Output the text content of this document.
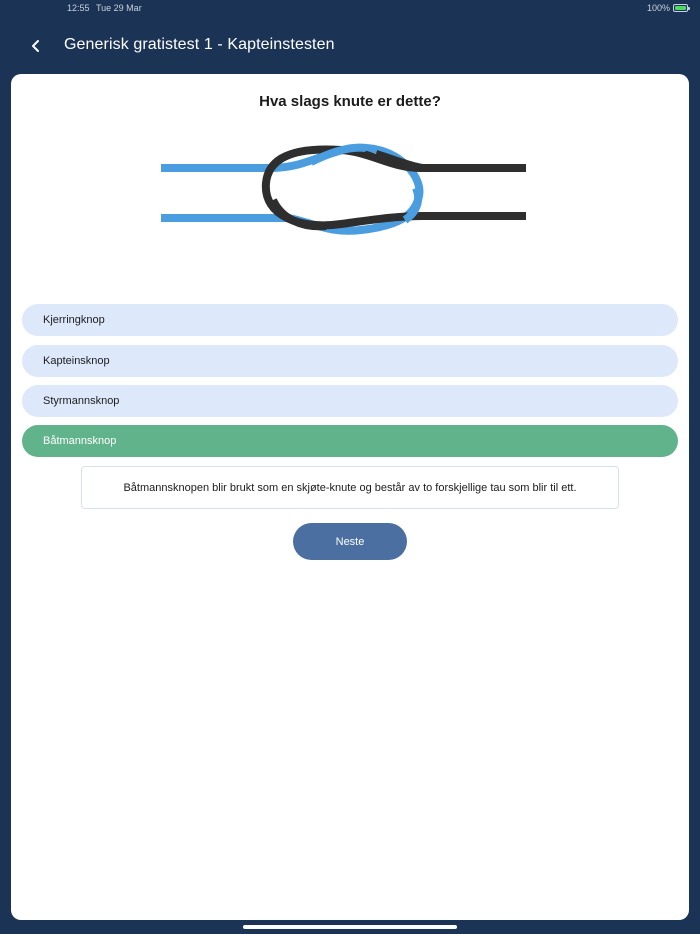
12:55 Tue 29 Mar	100%
Generisk gratistest 1 - Kapteinstesten
Hva slags knute er dette?
Kjerringknop
Kapteinsknop
Styrmannsknop
Båtmannsknop
Båtmannsknopen blir brukt som en skjøte-knute og består av to forskjellige tau som blir til ett.
Neste
